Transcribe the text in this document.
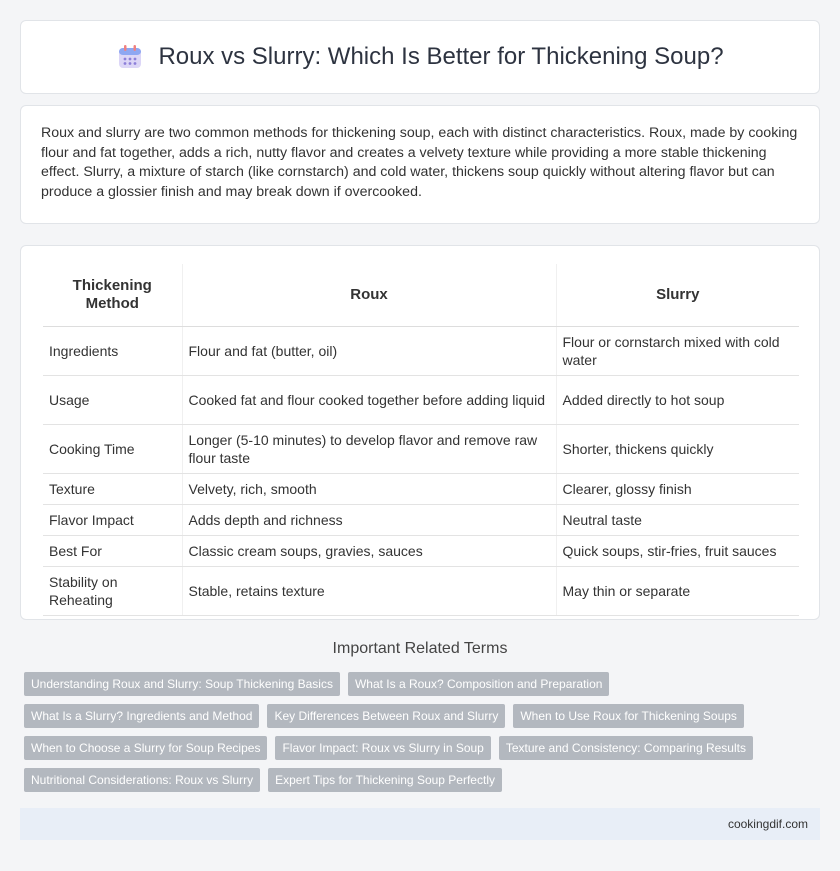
Roux vs Slurry: Which Is Better for Thickening Soup?

Roux and slurry are two common methods for thickening soup, each with distinct characteristics. Roux, made by cooking flour and fat together, adds a rich, nutty flavor and creates a velvety texture while providing a more stable thickening effect. Slurry, a mixture of starch (like cornstarch) and cold water, thickens soup quickly without altering flavor but can produce a glossier finish and may break down if overcooked.

Thickening Method	Roux	Slurry
Ingredients	Flour and fat (butter, oil)	Flour or cornstarch mixed with cold water
Usage	Cooked fat and flour cooked together before adding liquid	Added directly to hot soup
Cooking Time	Longer (5-10 minutes) to develop flavor and remove raw flour taste	Shorter, thickens quickly
Texture	Velvety, rich, smooth	Clearer, glossy finish
Flavor Impact	Adds depth and richness	Neutral taste
Best For	Classic cream soups, gravies, sauces	Quick soups, stir-fries, fruit sauces
Stability on Reheating	Stable, retains texture	May thin or separate
Important Related Terms
Understanding Roux and Slurry: Soup Thickening Basics	What Is a Roux? Composition and Preparation
What Is a Slurry? Ingredients and Method	Key Differences Between Roux and Slurry	When to Use Roux for Thickening Soups
When to Choose a Slurry for Soup Recipes	Flavor Impact: Roux vs Slurry in Soup	Texture and Consistency: Comparing Results
Nutritional Considerations: Roux vs Slurry	Expert Tips for Thickening Soup Perfectly
cookingdif.com
